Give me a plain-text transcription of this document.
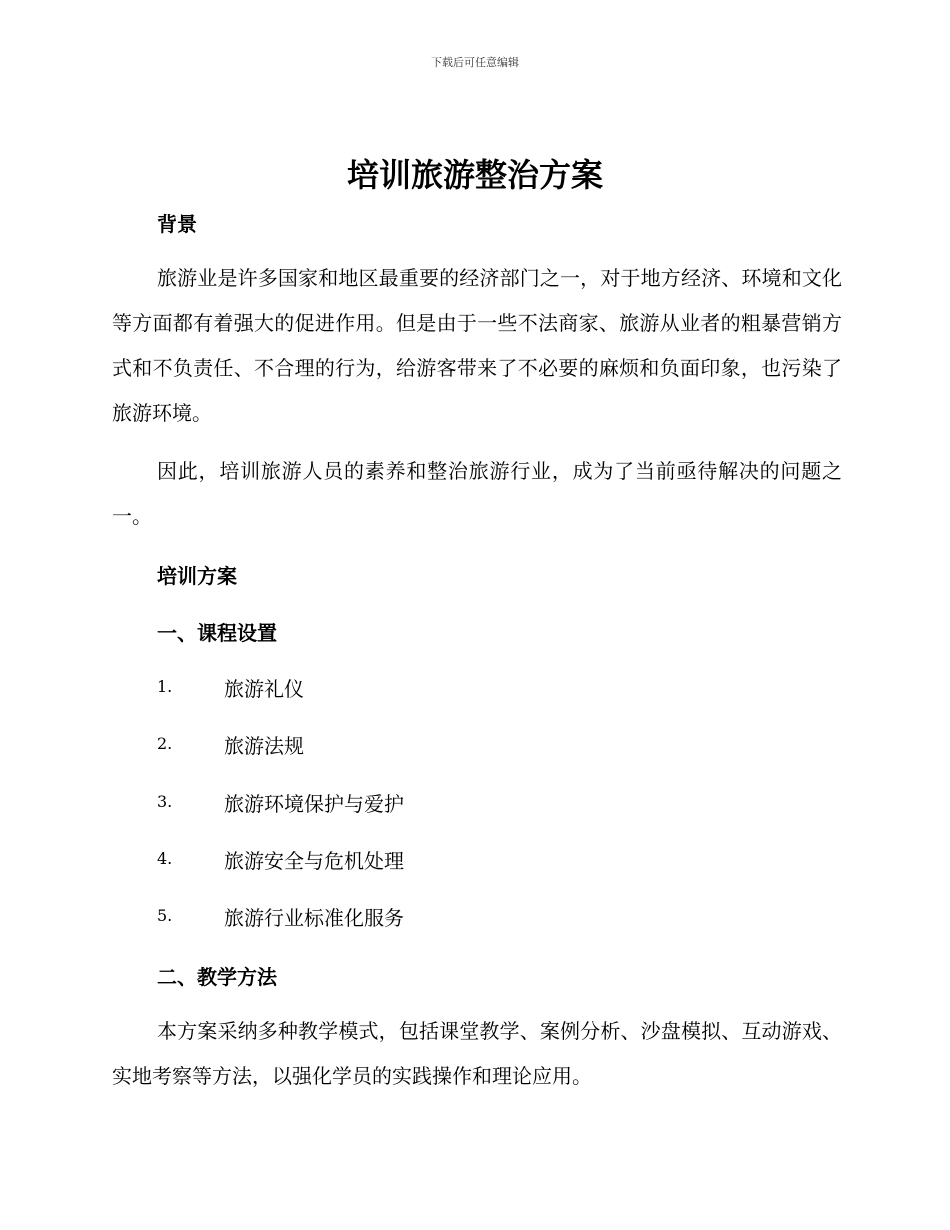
下载后可任意编辑
培训旅游整治方案
背景

旅游业是许多国家和地区最重要的经济部门之一，对于地方经济、环境和文化等方面都有着强大的促进作用。但是由于一些不法商家、旅游从业者的粗暴营销方式和不负责任、不合理的行为，给游客带来了不必要的麻烦和负面印象，也污染了旅游环境。

因此，培训旅游人员的素养和整治旅游行业，成为了当前亟待解决的问题之一。

培训方案
一、课程设置
1.	旅游礼仪
2.	旅游法规
3.	旅游环境保护与爱护
4.	旅游安全与危机处理
5.	旅游行业标准化服务
二、教学方法

本方案采纳多种教学模式，包括课堂教学、案例分析、沙盘模拟、互动游戏、实地考察等方法，以强化学员的实践操作和理论应用。
